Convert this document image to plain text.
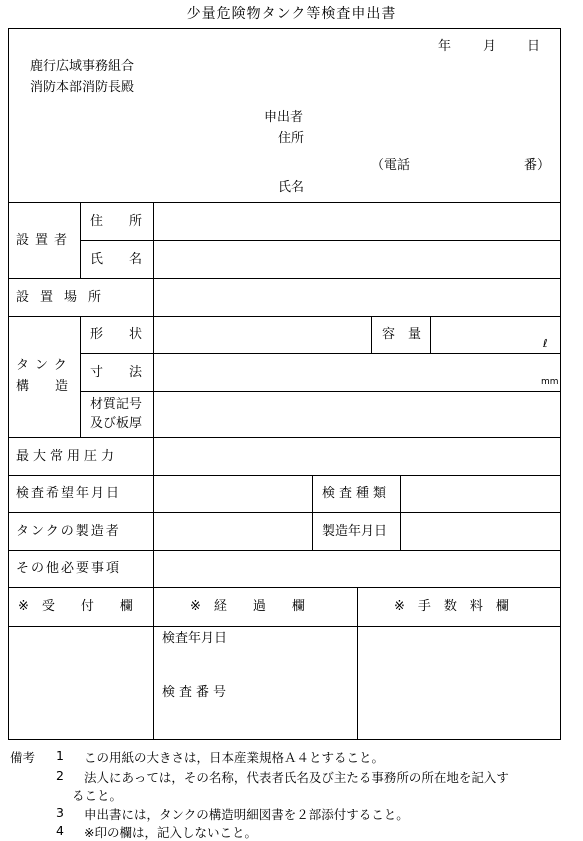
少量危険物タンク等検査申出書
年 月 日
鹿行広域事務組合
消防本部消防長殿
申出者
住所
（電話	番）
氏名
設置者
住　　所
氏　　名
設置場所
タンク
構　　造
形　　状	容　量
ℓ
寸　　法
mm
材質記号
及び板厚
最大常用圧力
検査希望年月日	検査種類
タンクの製造者	製造年月日
その他必要事項
※　受　　付　　欄	※　経　　過　　欄	※　手　数　料　欄
検査年月日
検査番号
備考 1 この用紙の大きさは，日本産業規格Ａ４とすること。
2 法人にあっては，その名称，代表者氏名及び主たる事務所の所在地を記入す
ること。
3 申出書には，タンクの構造明細図書を２部添付すること。
4 ※印の欄は，記入しないこと。
